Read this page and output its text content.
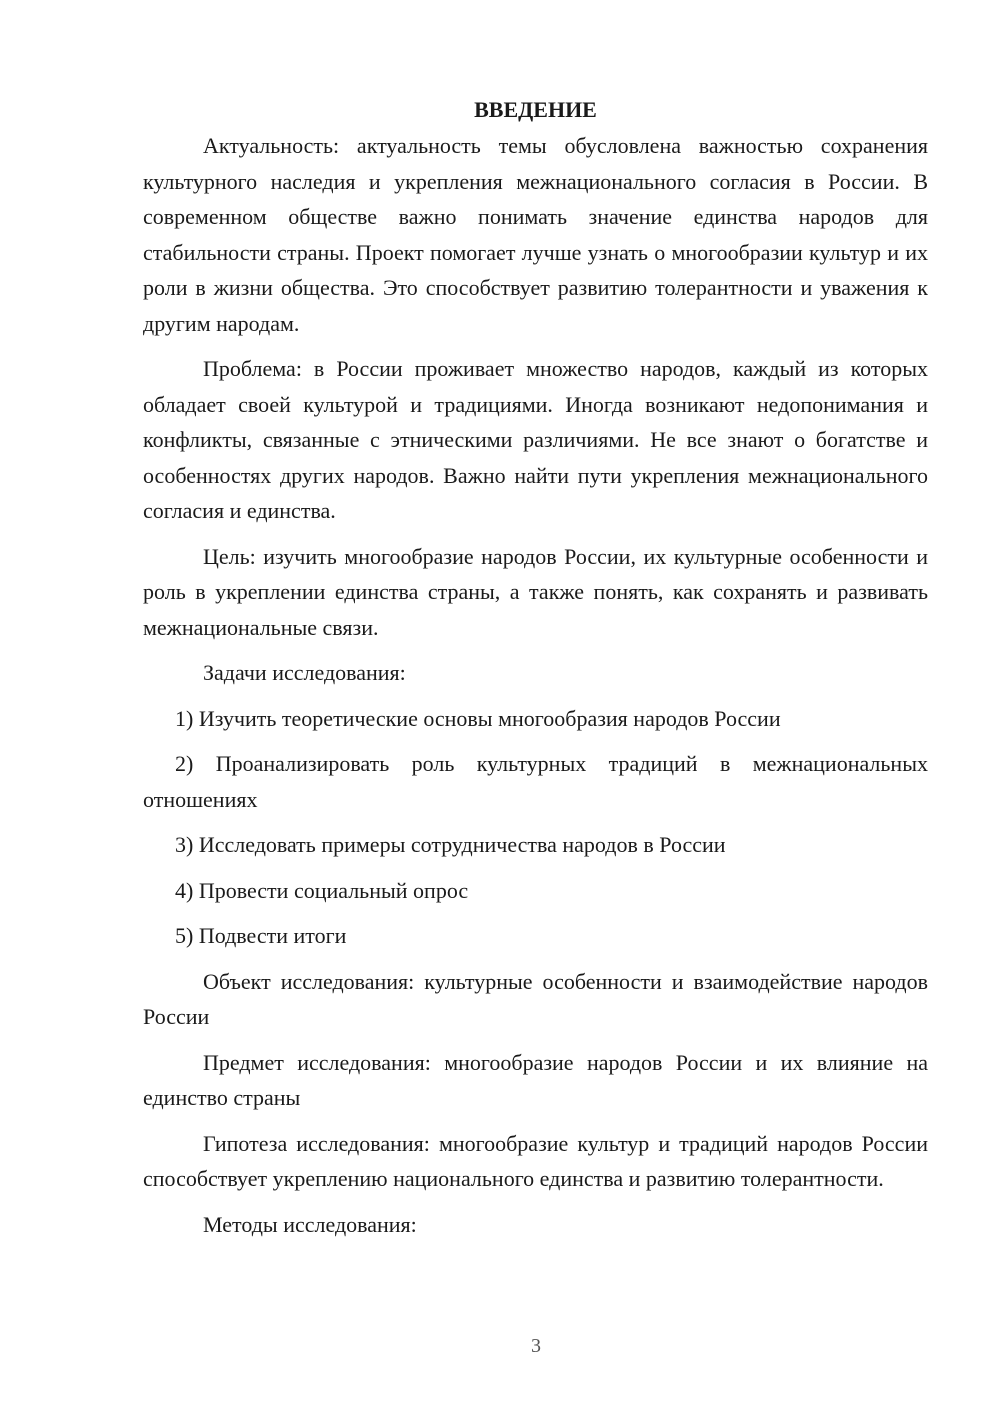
ВВЕДЕНИЕ

Актуальность: актуальность темы обусловлена важностью сохранения культурного наследия и укрепления межнационального согласия в России. В современном обществе важно понимать значение единства народов для стабильности страны. Проект помогает лучше узнать о многообразии культур и их роли в жизни общества. Это способствует развитию толерантности и уважения к другим народам.

Проблема: в России проживает множество народов, каждый из которых обладает своей культурой и традициями. Иногда возникают недопонимания и конфликты, связанные с этническими различиями. Не все знают о богатстве и особенностях других народов. Важно найти пути укрепления межнационального согласия и единства.

Цель: изучить многообразие народов России, их культурные особенности и роль в укреплении единства страны, а также понять, как сохранять и развивать межнациональные связи.

Задачи исследования:

1) Изучить теоретические основы многообразия народов России

2) Проанализировать роль культурных традиций в межнациональных отношениях

3) Исследовать примеры сотрудничества народов в России

4) Провести социальный опрос

5) Подвести итоги

Объект исследования: культурные особенности и взаимодействие народов России

Предмет исследования: многообразие народов России и их влияние на единство страны

Гипотеза исследования: многообразие культур и традиций народов России способствует укреплению национального единства и развитию толерантности.

Методы исследования:

3
